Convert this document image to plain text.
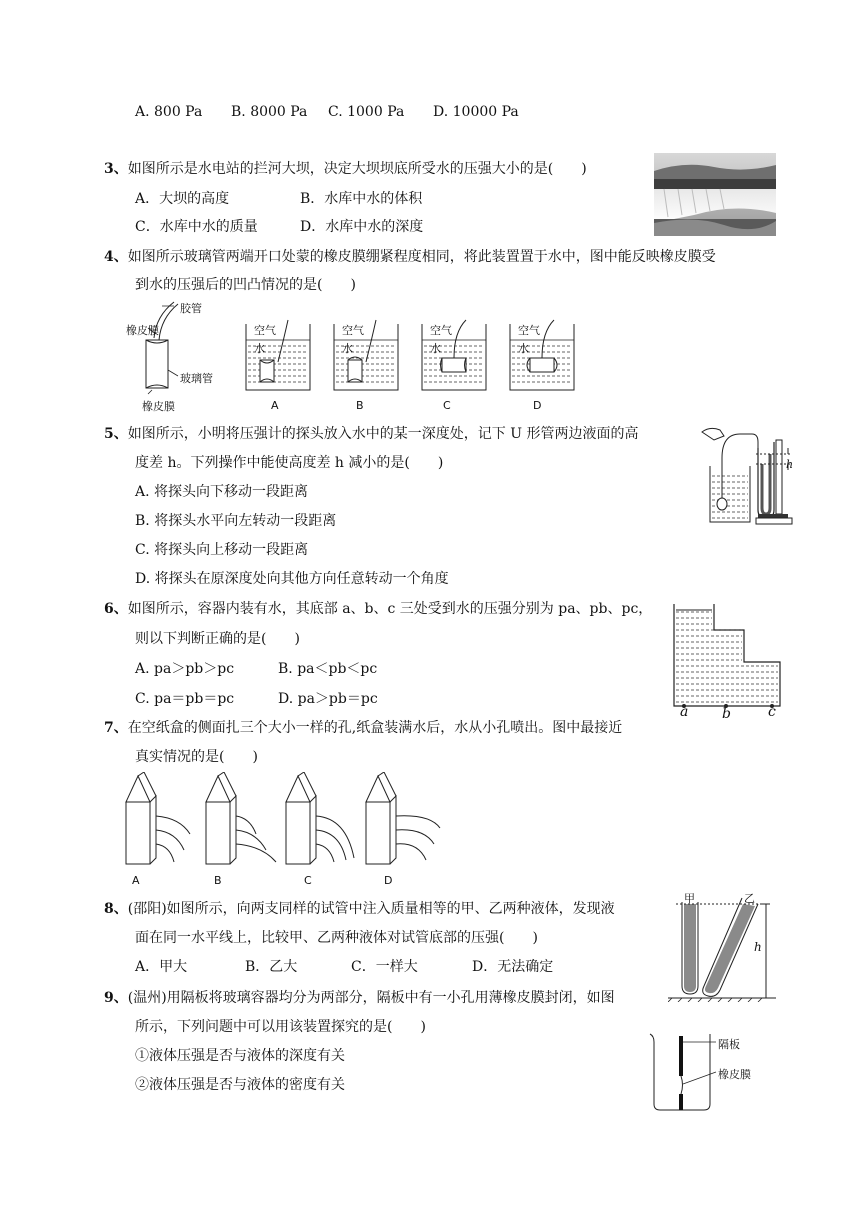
A. 800 Pa B. 8000 Pa C. 1000 Pa D. 10000 Pa
3、如图所示是水电站的拦河大坝，决定大坝坝底所受水的压强大小的是(　　)
A．大坝的高度	B．水库中水的体积
C．水库中水的质量	D．水库中水的深度
4、如图所示玻璃管两端开口处蒙的橡皮膜绷紧程度相同，将此装置置于水中，图中能反映橡皮膜受
到水的压强后的凹凸情况的是(　　)
胶管
橡皮膜
玻璃管
橡皮膜
空气
水
A
空气
水
B
空气
水
C
空气
水
D
5、如图所示，小明将压强计的探头放入水中的某一深度处，记下 U 形管两边液面的高
度差 h。下列操作中能使高度差 h 减小的是(　　)
A. 将探头向下移动一段距离
B. 将探头水平向左转动一段距离
C. 将探头向上移动一段距离
D. 将探头在原深度处向其他方向任意转动一个角度
h
6、如图所示，容器内装有水，其底部 a、b、c 三处受到水的压强分别为 pa、pb、pc，
则以下判断正确的是(　　)
A. pa＞pb＞pc	B. pa＜pb＜pc
C. pa＝pb＝pc	D. pa＞pb＝pc
a b	c
7、在空纸盒的侧面扎三个大小一样的孔,纸盒装满水后，水从小孔喷出。图中最接近
真实情况的是(　　)
A	B	C	D
8、(邵阳)如图所示，向两支同样的试管中注入质量相等的甲、乙两种液体，发现液
面在同一水平线上，比较甲、乙两种液体对试管底部的压强(　　)
A．甲大	B．乙大	C．一样大	D．无法确定
甲	乙
h
9、(温州)用隔板将玻璃容器均分为两部分，隔板中有一小孔用薄橡皮膜封闭，如图
所示，下列问题中可以用该装置探究的是(　　)
①液体压强是否与液体的深度有关
②液体压强是否与液体的密度有关
隔板
橡皮膜
